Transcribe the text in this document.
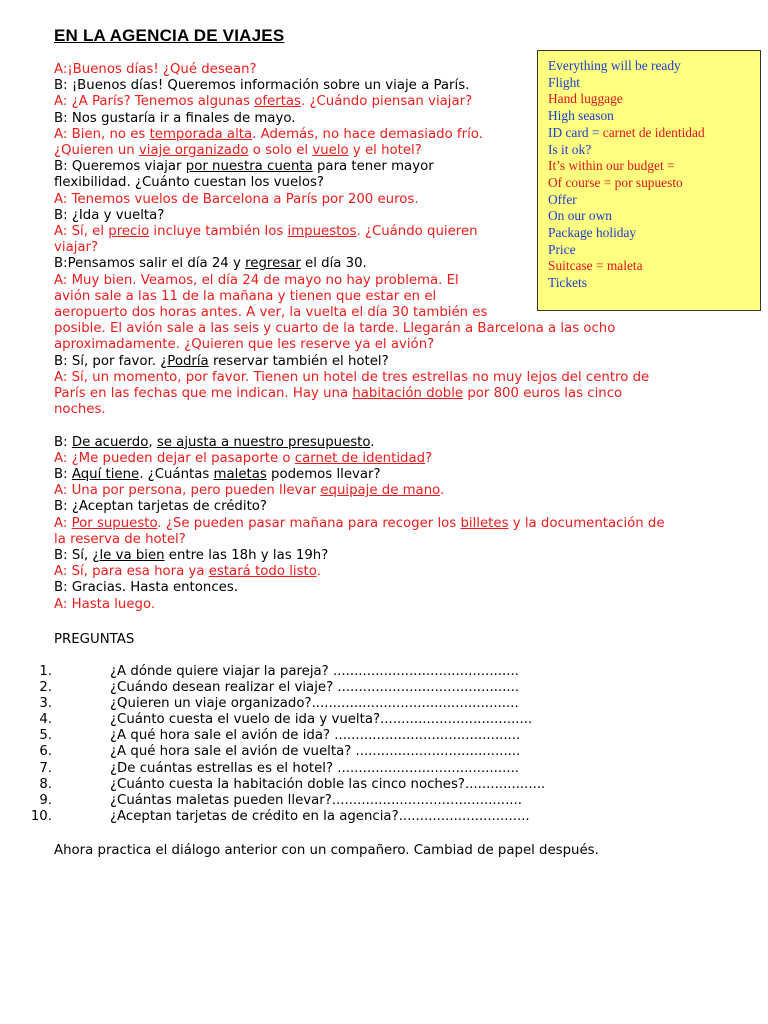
EN LA AGENCIA DE VIAJES
A:¡Buenos días! ¿Qué desean?
B: ¡Buenos días! Queremos información sobre un viaje a París.
A: ¿A París? Tenemos algunas ofertas. ¿Cuándo piensan viajar?
B: Nos gustaría ir a finales de mayo.
A: Bien, no es temporada alta. Además, no hace demasiado frío.
¿Quieren un viaje organizado o solo el vuelo y el hotel?
B: Queremos viajar por nuestra cuenta para tener mayor
flexibilidad. ¿Cuánto cuestan los vuelos?
A: Tenemos vuelos de Barcelona a París por 200 euros.
B: ¿Ida y vuelta?
A: Sí, el precio incluye también los impuestos. ¿Cuándo quieren
viajar?
B:Pensamos salir el día 24 y regresar el día 30.
A: Muy bien. Veamos, el día 24 de mayo no hay problema. El
avión sale a las 11 de la mañana y tienen que estar en el
aeropuerto dos horas antes. A ver, la vuelta el día 30 también es
posible. El avión sale a las seis y cuarto de la tarde. Llegarán a Barcelona a las ocho
aproximadamente. ¿Quieren que les reserve ya el avión?
B: Sí, por favor. ¿Podría reservar también el hotel?
A: Sí, un momento, por favor. Tienen un hotel de tres estrellas no muy lejos del centro de
París en las fechas que me indican. Hay una habitación doble por 800 euros las cinco
noches.
B: De acuerdo, se ajusta a nuestro presupuesto.
A: ¿Me pueden dejar el pasaporte o carnet de identidad?
B: Aquí tiene. ¿Cuántas maletas podemos llevar?
A: Una por persona, pero pueden llevar equipaje de mano.
B: ¿Aceptan tarjetas de crédito?
A: Por supuesto. ¿Se pueden pasar mañana para recoger los billetes y la documentación de
la reserva de hotel?
B: Sí, ¿le va bien entre las 18h y las 19h?
A: Sí, para esa hora ya estará todo listo.
B: Gracias. Hasta entonces.
A: Hasta luego.
Everything will be ready
Flight
Hand luggage
High season
ID card = carnet de identidad
Is it ok?
It’s within our budget =
Of course = por supuesto
Offer
On our own
Package holiday
Price
Suitcase = maleta
Tickets
PREGUNTAS
1.	¿A dónde quiere viajar la pareja? ............................................
2.	¿Cuándo desean realizar el viaje? ...........................................
3.	¿Quieren un viaje organizado?.................................................
4.	¿Cuánto cuesta el vuelo de ida y vuelta?....................................
5.	¿A qué hora sale el avión de ida? ............................................
6.	¿A qué hora sale el avión de vuelta? .......................................
7.	¿De cuántas estrellas es el hotel? ...........................................
8.	¿Cuánto cuesta la habitación doble las cinco noches?...................
9.	¿Cuántas maletas pueden llevar?.............................................
10.	¿Aceptan tarjetas de crédito en la agencia?...............................
Ahora practica el diálogo anterior con un compañero. Cambiad de papel después.
